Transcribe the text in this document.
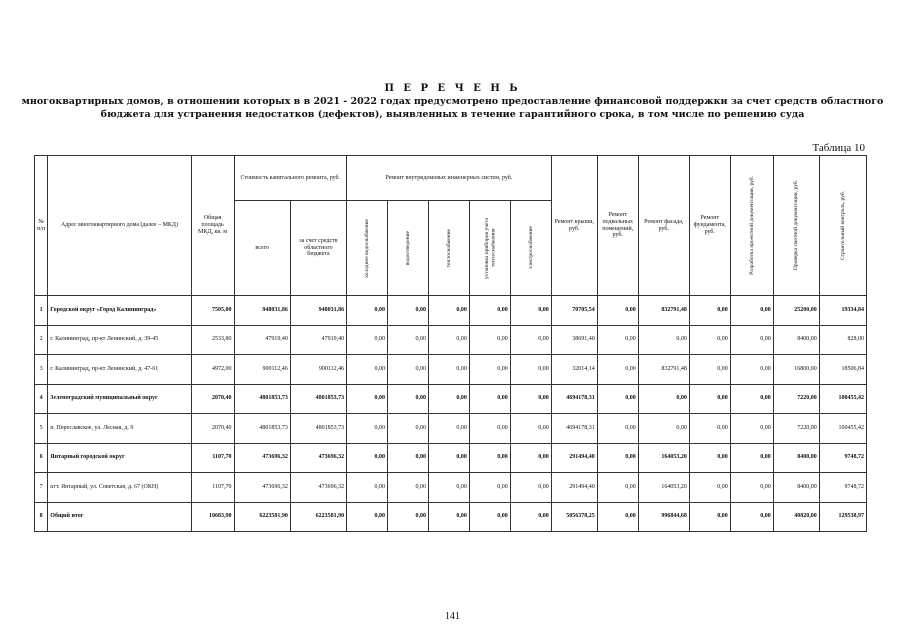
П Е Р Е Ч Е Н Ь
многоквартирных домов, в отношении которых в в 2021 - 2022 годах предусмотрено предоставление финансовой поддержки за счет средств областного
бюджета для устранения недостатков (дефектов), выявленных в течение гарантийного срока, в том числе по решению суда
Таблица 10
№ п/п	Адрес многоквартирного дома (далее – МКД)	Общая площадь МКД, кв. м	Стоимость капитального ремонта, руб.		Ремонт внутридомовых инженерных систем, руб.					Ремонт крыши, руб.	Ремонт подвальных помещений, руб.	Ремонт фасада, руб.	Ремонт фундамента, руб.	Разработка проектной документации, руб.	Проверка сметной документации, руб.	Строительный контроль, руб.

			всего	за счет средств областного бюджета	холодное водоснабжение	водоотведение	теплоснабжение	установка приборов учета теплоснабжения	электроснабжение							

1	Городской округ «Город Калининград»	7505,80	948031,86	948031,86	0,00	0,00	0,00	0,00	0,00	70705,54	0,00	832791,48	0,00	0,00	25200,00	19334,84
2	г. Калининград, пр-кт Ленинский, д. 39-45	2533,80	47919,40	47919,40	0,00	0,00	0,00	0,00	0,00	38691,40	0,00	0,00	0,00	0,00	8400,00	828,00
3	г. Калининград, пр-кт Ленинский, д. 47-61	4972,00	900112,46	900112,46	0,00	0,00	0,00	0,00	0,00	32014,14	0,00	832791,48	0,00	0,00	16800,00	18506,84
4	Зеленоградский муниципальный округ	2070,40	4801853,73	4801853,73	0,00	0,00	0,00	0,00	0,00	4694178,31	0,00	0,00	0,00	0,00	7220,00	100455,42
5	п. Переславское, ул. Лесная, д. 9	2070,40	4801853,73	4801853,73	0,00	0,00	0,00	0,00	0,00	4694178,31	0,00	0,00	0,00	0,00	7220,00	100455,42
6	Янтарный городской округ	1107,70	473696,32	473696,32	0,00	0,00	0,00	0,00	0,00	291494,40	0,00	164053,20	0,00	0,00	8400,00	9748,72
7	пгт. Янтарный, ул. Советская, д. 67 (ОКН)	1107,70	473696,32	473696,32	0,00	0,00	0,00	0,00	0,00	291494,40	0,00	164053,20	0,00	0,00	8400,00	9748,72
8	Общий итог	10683,90	6223581,90	6223581,90	0,00	0,00	0,00	0,00	0,00	5056378,25	0,00	996844,68	0,00	0,00	40820,00	129538,97
141
